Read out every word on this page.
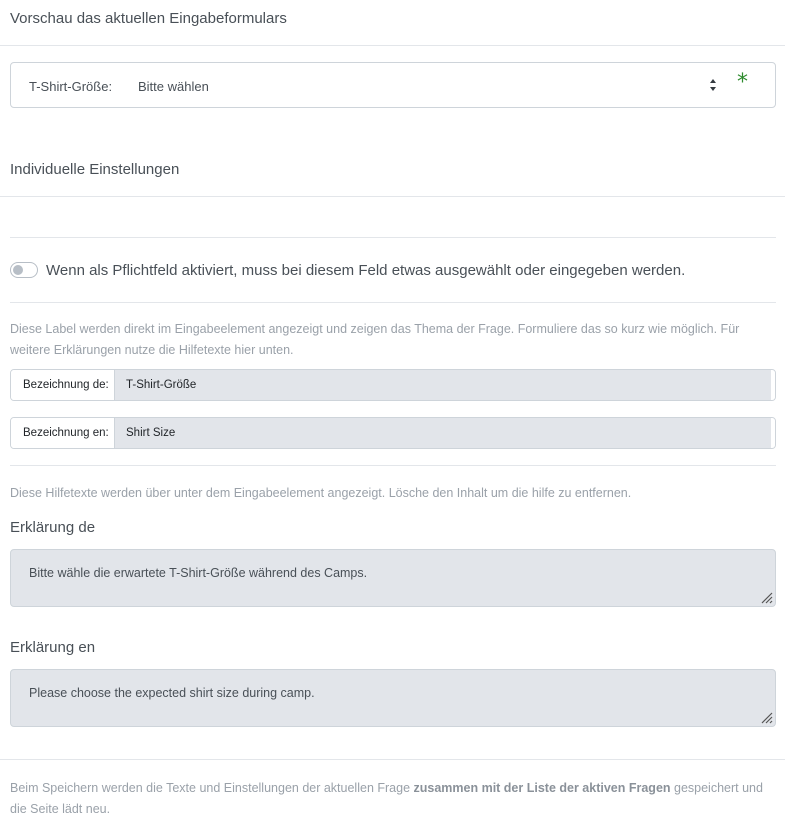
Vorschau das aktuellen Eingabeformulars
T-Shirt-Größe: Bitte wählen	*
Individuelle Einstellungen
Wenn als Pflichtfeld aktiviert, muss bei diesem Feld etwas ausgewählt oder eingegeben werden.
Diese Label werden direkt im Eingabeelement angezeigt und zeigen das Thema der Frage. Formuliere das so kurz wie möglich. Für weitere Erklärungen nutze die Hilfetexte hier unten.
Bezeichnung de:	T-Shirt-Größe
Bezeichnung en:	Shirt Size
Diese Hilfetexte werden über unter dem Eingabeelement angezeigt. Lösche den Inhalt um die hilfe zu entfernen.
Erklärung de
Bitte wähle die erwartete T-Shirt-Größe während des Camps.
Erklärung en
Please choose the expected shirt size during camp.
Beim Speichern werden die Texte und Einstellungen der aktuellen Frage zusammen mit der Liste der aktiven Fragen gespeichert und die Seite lädt neu.
